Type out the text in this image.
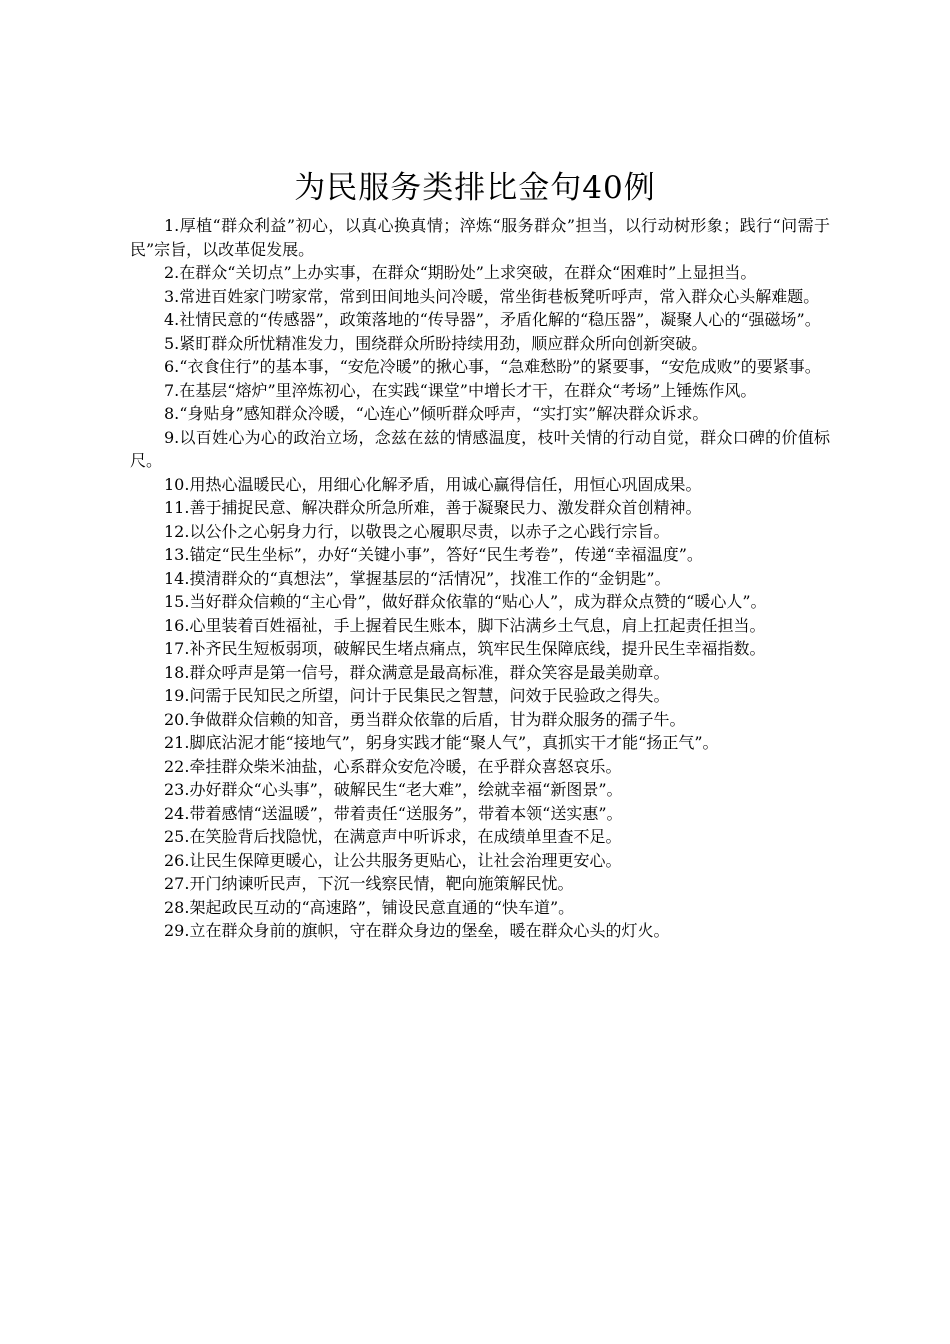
为民服务类排比金句40例

1.厚植“群众利益”初心，以真心换真情；淬炼“服务群众”担当，以行动树形象；践行“问需于民”宗旨，以改革促发展。

2.在群众“关切点”上办实事，在群众“期盼处”上求突破，在群众“困难时”上显担当。

3.常进百姓家门唠家常，常到田间地头问冷暖，常坐街巷板凳听呼声，常入群众心头解难题。

4.社情民意的“传感器”，政策落地的“传导器”，矛盾化解的“稳压器”，凝聚人心的“强磁场”。

5.紧盯群众所忧精准发力，围绕群众所盼持续用劲，顺应群众所向创新突破。

6.“衣食住行”的基本事，“安危冷暖”的揪心事，“急难愁盼”的紧要事，“安危成败”的要紧事。

7.在基层“熔炉”里淬炼初心，在实践“课堂”中增长才干，在群众“考场”上锤炼作风。

8.“身贴身”感知群众冷暖，“心连心”倾听群众呼声，“实打实”解决群众诉求。

9.以百姓心为心的政治立场，念兹在兹的情感温度，枝叶关情的行动自觉，群众口碑的价值标尺。

10.用热心温暖民心，用细心化解矛盾，用诚心赢得信任，用恒心巩固成果。

11.善于捕捉民意、解决群众所急所难，善于凝聚民力、激发群众首创精神。

12.以公仆之心躬身力行，以敬畏之心履职尽责，以赤子之心践行宗旨。

13.锚定“民生坐标”，办好“关键小事”，答好“民生考卷”，传递“幸福温度”。

14.摸清群众的“真想法”，掌握基层的“活情况”，找准工作的“金钥匙”。

15.当好群众信赖的“主心骨”，做好群众依靠的“贴心人”，成为群众点赞的“暖心人”。

16.心里装着百姓福祉，手上握着民生账本，脚下沾满乡土气息，肩上扛起责任担当。

17.补齐民生短板弱项，破解民生堵点痛点，筑牢民生保障底线，提升民生幸福指数。

18.群众呼声是第一信号，群众满意是最高标准，群众笑容是最美勋章。

19.问需于民知民之所望，问计于民集民之智慧，问效于民验政之得失。

20.争做群众信赖的知音，勇当群众依靠的后盾，甘为群众服务的孺子牛。

21.脚底沾泥才能“接地气”，躬身实践才能“聚人气”，真抓实干才能“扬正气”。

22.牵挂群众柴米油盐，心系群众安危冷暖，在乎群众喜怒哀乐。

23.办好群众“心头事”，破解民生“老大难”，绘就幸福“新图景”。

24.带着感情“送温暖”，带着责任“送服务”，带着本领“送实惠”。

25.在笑脸背后找隐忧，在满意声中听诉求，在成绩单里查不足。

26.让民生保障更暖心，让公共服务更贴心，让社会治理更安心。

27.开门纳谏听民声，下沉一线察民情，靶向施策解民忧。

28.架起政民互动的“高速路”，铺设民意直通的“快车道”。

29.立在群众身前的旗帜，守在群众身边的堡垒，暖在群众心头的灯火。
